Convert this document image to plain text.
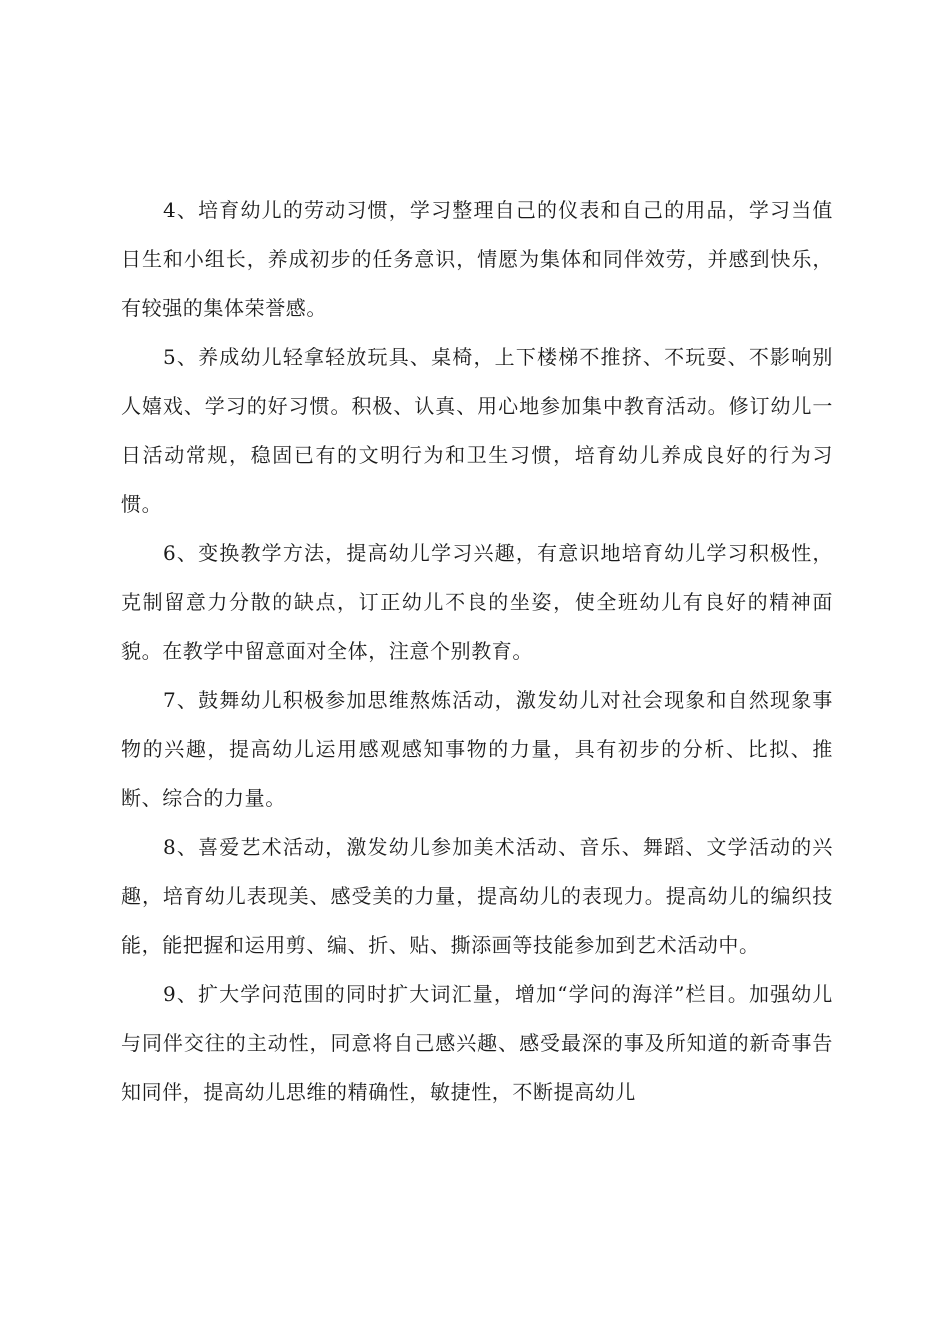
4、培育幼儿的劳动习惯，学习整理自己的仪表和自己的用品，学习当值日生和小组长，养成初步的任务意识，情愿为集体和同伴效劳，并感到快乐，有较强的集体荣誉感。

5、养成幼儿轻拿轻放玩具、桌椅，上下楼梯不推挤、不玩耍、不影响别人嬉戏、学习的好习惯。积极、认真、用心地参加集中教育活动。修订幼儿一日活动常规，稳固已有的文明行为和卫生习惯，培育幼儿养成良好的行为习惯。

6、变换教学方法，提高幼儿学习兴趣，有意识地培育幼儿学习积极性，克制留意力分散的缺点，订正幼儿不良的坐姿，使全班幼儿有良好的精神面貌。在教学中留意面对全体，注意个别教育。

7、鼓舞幼儿积极参加思维熬炼活动，激发幼儿对社会现象和自然现象事物的兴趣，提高幼儿运用感观感知事物的力量，具有初步的分析、比拟、推断、综合的力量。

8、喜爱艺术活动，激发幼儿参加美术活动、音乐、舞蹈、文学活动的兴趣，培育幼儿表现美、感受美的力量，提高幼儿的表现力。提高幼儿的编织技能，能把握和运用剪、编、折、贴、撕添画等技能参加到艺术活动中。

9、扩大学问范围的同时扩大词汇量，增加“学问的海洋”栏目。加强幼儿与同伴交往的主动性，同意将自己感兴趣、感受最深的事及所知道的新奇事告知同伴，提高幼儿思维的精确性，敏捷性，不断提高幼儿
